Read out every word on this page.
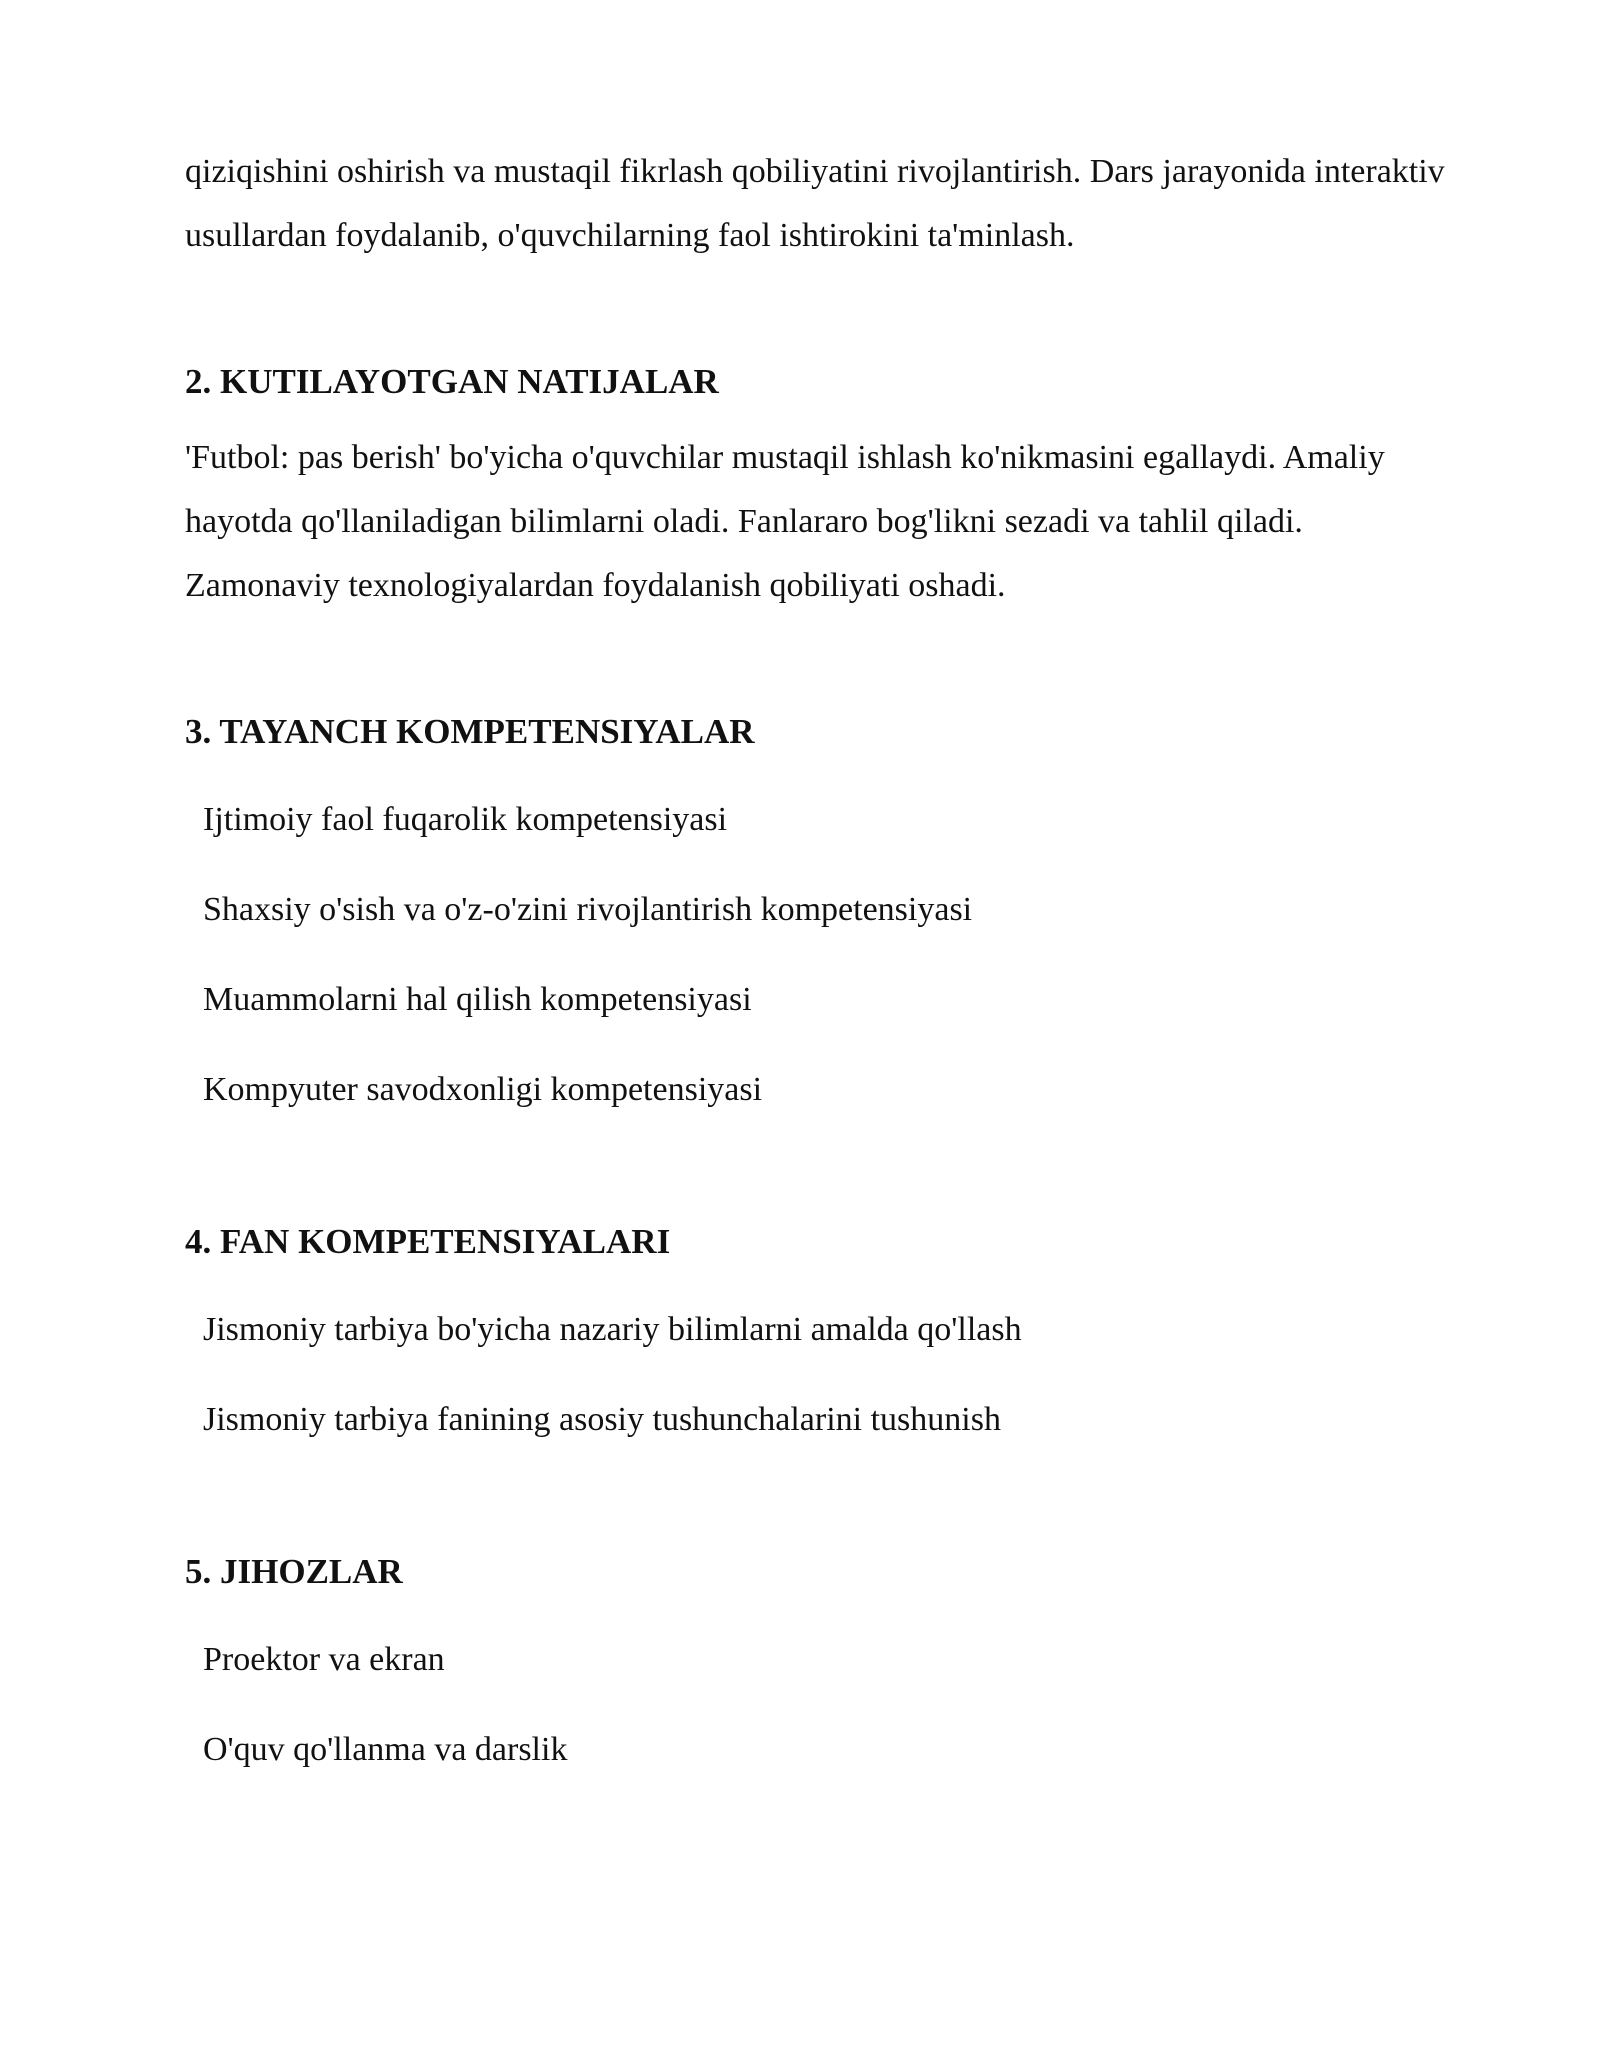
qiziqishini oshirish va mustaqil fikrlash qobiliyatini rivojlantirish. Dars jarayonida interaktiv usullardan foydalanib, o'quvchilarning faol ishtirokini ta'minlash.

2. KUTILAYOTGAN NATIJALAR

'Futbol: pas berish' bo'yicha o'quvchilar mustaqil ishlash ko'nikmasini egallaydi. Amaliy hayotda qo'llaniladigan bilimlarni oladi. Fanlararo bog'likni sezadi va tahlil qiladi. Zamonaviy texnologiyalardan foydalanish qobiliyati oshadi.

3. TAYANCH KOMPETENSIYALAR
Ijtimoiy faol fuqarolik kompetensiyasi
Shaxsiy o'sish va o'z-o'zini rivojlantirish kompetensiyasi
Muammolarni hal qilish kompetensiyasi
Kompyuter savodxonligi kompetensiyasi
4. FAN KOMPETENSIYALARI
Jismoniy tarbiya bo'yicha nazariy bilimlarni amalda qo'llash
Jismoniy tarbiya fanining asosiy tushunchalarini tushunish
5. JIHOZLAR
Proektor va ekran
O'quv qo'llanma va darslik
